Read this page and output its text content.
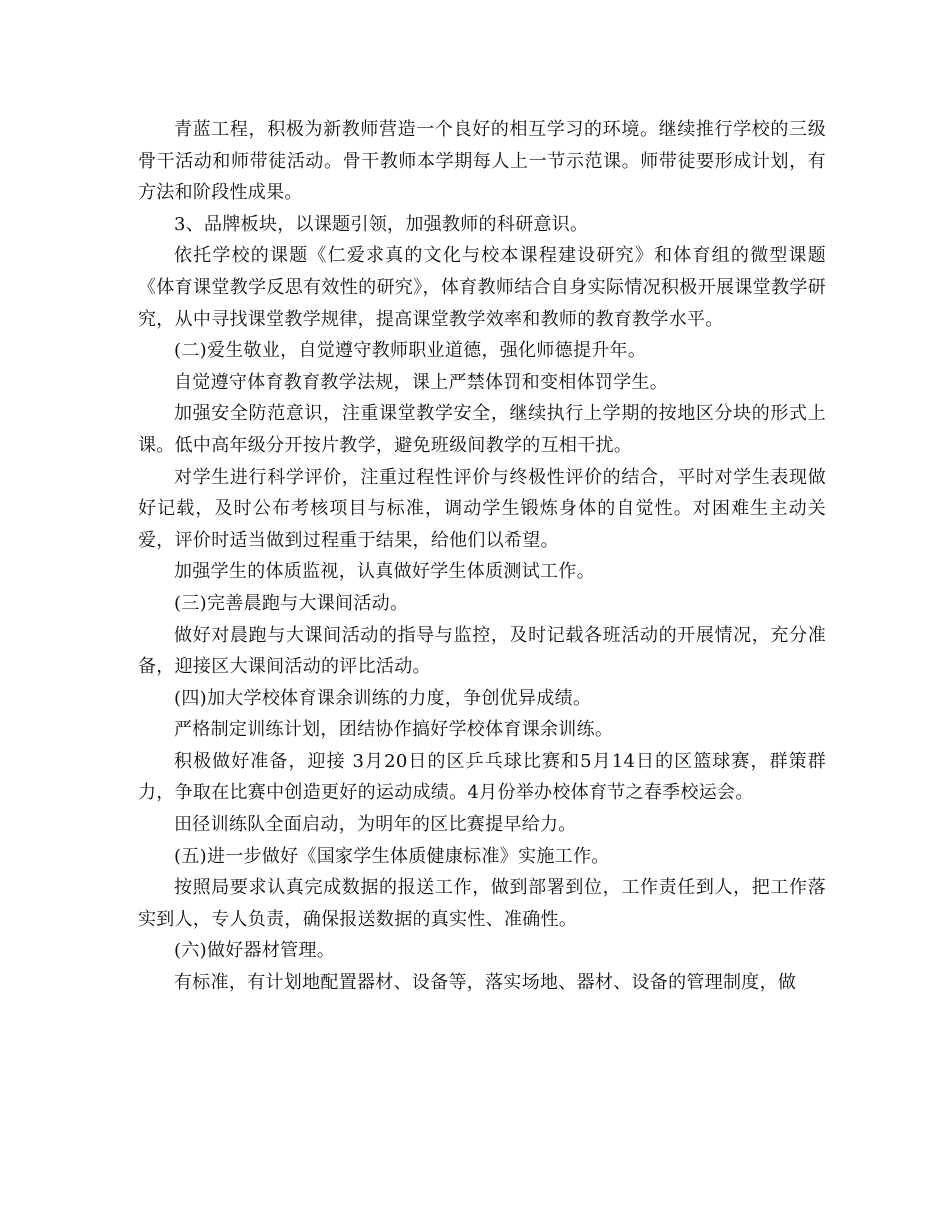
青蓝工程，积极为新教师营造一个良好的相互学习的环境。继续推行学校的三级骨干活动和师带徒活动。骨干教师本学期每人上一节示范课。师带徒要形成计划，有方法和阶段性成果。

3、品牌板块，以课题引领，加强教师的科研意识。

依托学校的课题《仁爱求真的文化与校本课程建设研究》和体育组的微型课题《体育课堂教学反思有效性的研究》，体育教师结合自身实际情况积极开展课堂教学研究，从中寻找课堂教学规律，提高课堂教学效率和教师的教育教学水平。

(二)爱生敬业，自觉遵守教师职业道德，强化师德提升年。

自觉遵守体育教育教学法规，课上严禁体罚和变相体罚学生。

加强安全防范意识，注重课堂教学安全，继续执行上学期的按地区分块的形式上课。低中高年级分开按片教学，避免班级间教学的互相干扰。

对学生进行科学评价，注重过程性评价与终极性评价的结合，平时对学生表现做好记载，及时公布考核项目与标准，调动学生锻炼身体的自觉性。对困难生主动关爱，评价时适当做到过程重于结果，给他们以希望。

加强学生的体质监视，认真做好学生体质测试工作。

(三)完善晨跑与大课间活动。

做好对晨跑与大课间活动的指导与监控，及时记载各班活动的开展情况，充分准备，迎接区大课间活动的评比活动。

(四)加大学校体育课余训练的力度，争创优异成绩。

严格制定训练计划，团结协作搞好学校体育课余训练。

积极做好准备，迎接 3月20日的区乒乓球比赛和5月14日的区篮球赛，群策群力，争取在比赛中创造更好的运动成绩。4月份举办校体育节之春季校运会。

田径训练队全面启动，为明年的区比赛提早给力。

(五)进一步做好《国家学生体质健康标准》实施工作。

按照局要求认真完成数据的报送工作，做到部署到位，工作责任到人，把工作落实到人，专人负责，确保报送数据的真实性、准确性。

(六)做好器材管理。

有标准，有计划地配置器材、设备等，落实场地、器材、设备的管理制度，做
